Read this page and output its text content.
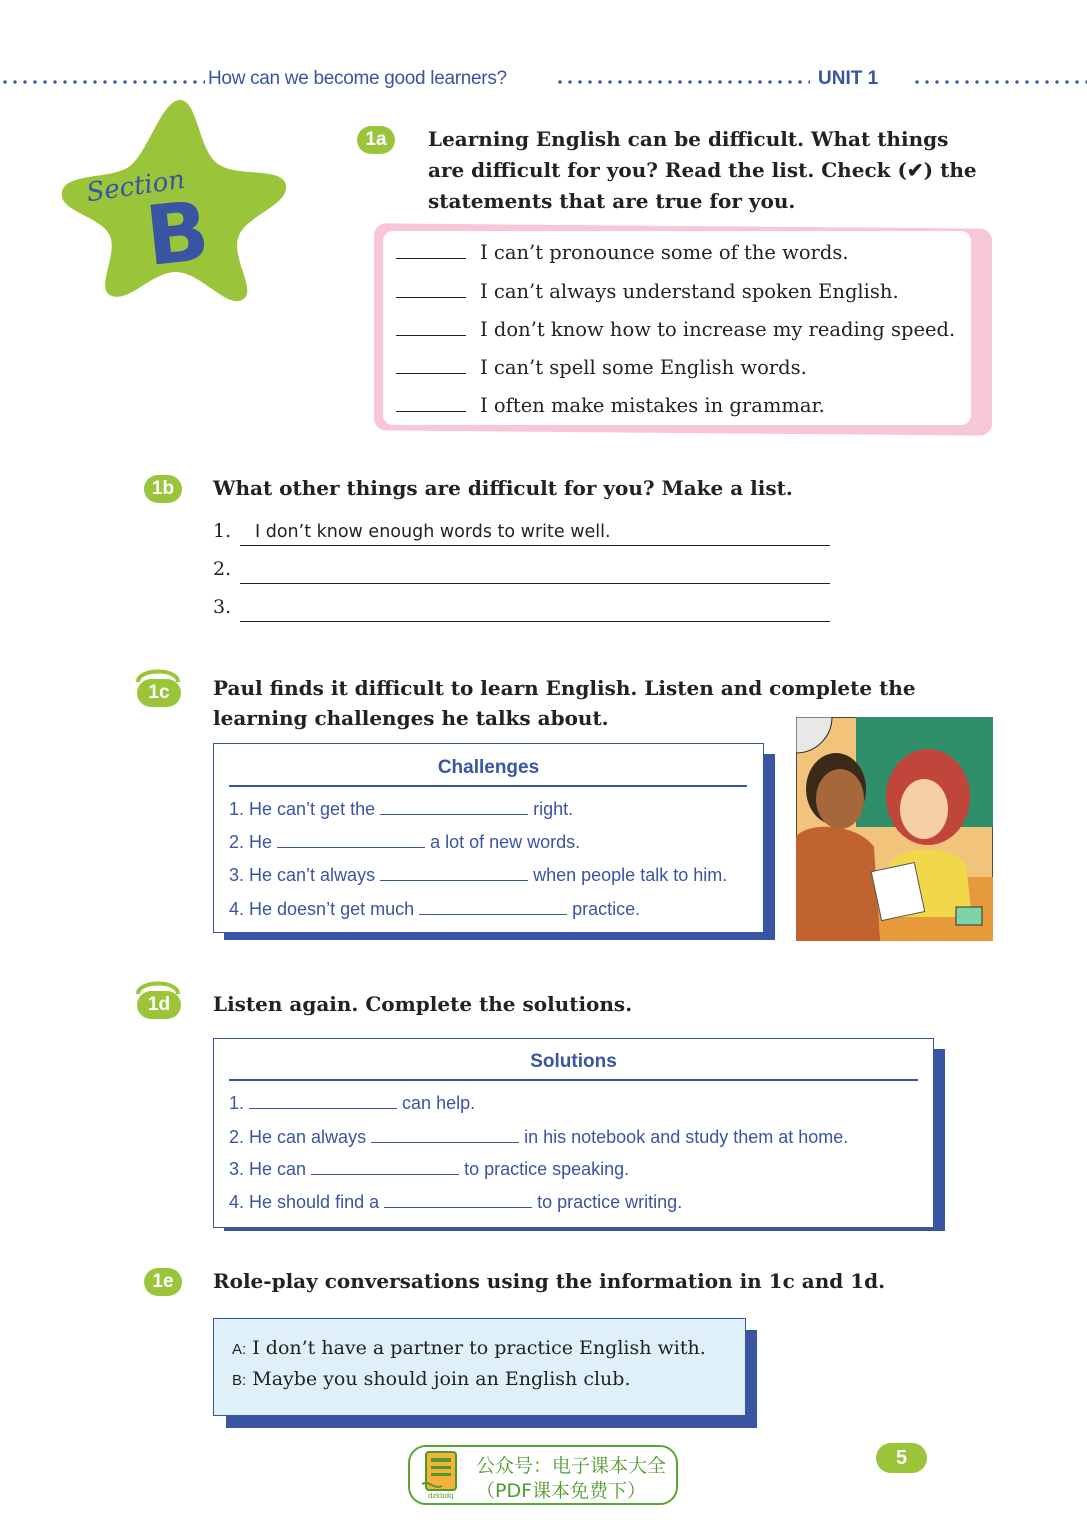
How can we become good learners?	UNIT 1
Section
B
1a	Learning English can be difficult. What things
are difficult for you? Read the list. Check (✔) the
statements that are true for you.
I can’t pronounce some of the words.
I can’t always understand spoken English.
I don’t know how to increase my reading speed.
I can’t spell some English words.
I often make mistakes in grammar.
1b	What other things are difficult for you? Make a list.
1. I don’t know enough words to write well.
2.
3.
1c	Paul finds it difficult to learn English. Listen and complete the
learning challenges he talks about.
Challenges
1. He can’t get the	right.
2. He	a lot of new words.
3. He can’t always	when people talk to him.
4. He doesn’t get much	practice.
1d	Listen again. Complete the solutions.
Solutions
1.	can help.
2. He can always	in his notebook and study them at home.
3. He can	to practice speaking.
4. He should find a	to practice writing.
1e	Role-play conversations using the information in 1c and 1d.
A: I don’t have a partner to practice English with.
B: Maybe you should join an English club.
dzkbdq
公众号：电子课本大全
（PDF课本免费下）
5
